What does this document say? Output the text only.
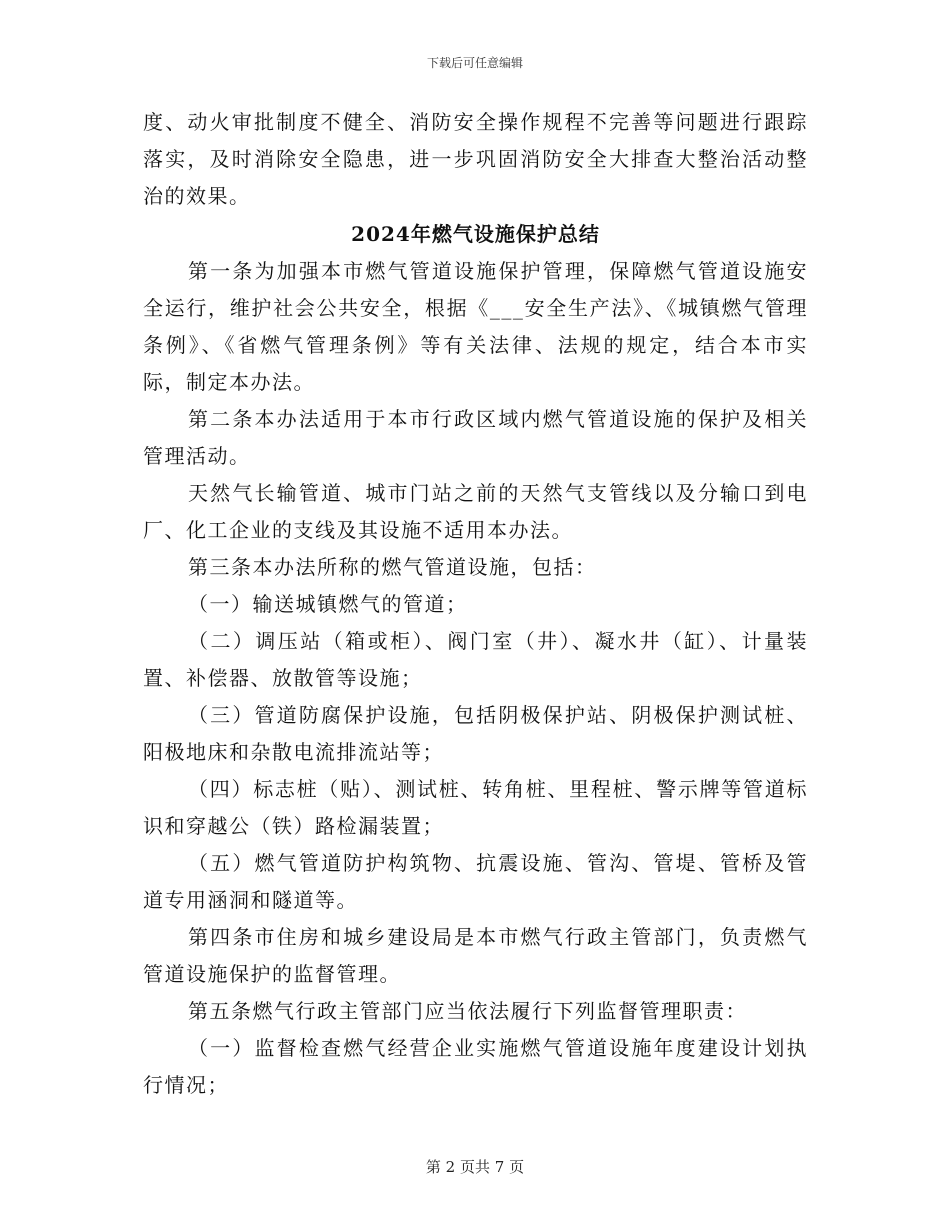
下载后可任意编辑

度、动火审批制度不健全、消防安全操作规程不完善等问题进行跟踪落实，及时消除安全隐患，进一步巩固消防安全大排查大整治活动整治的效果。

2024年燃气设施保护总结

第一条为加强本市燃气管道设施保护管理，保障燃气管道设施安全运行，维护社会公共安全，根据《___安全生产法》、《城镇燃气管理条例》、《省燃气管理条例》等有关法律、法规的规定，结合本市实际，制定本办法。

第二条本办法适用于本市行政区域内燃气管道设施的保护及相关管理活动。

天然气长输管道、城市门站之前的天然气支管线以及分输口到电厂、化工企业的支线及其设施不适用本办法。

第三条本办法所称的燃气管道设施，包括：

（一）输送城镇燃气的管道；

（二）调压站（箱或柜）、阀门室（井）、凝水井（缸）、计量装置、补偿器、放散管等设施；

（三）管道防腐保护设施，包括阴极保护站、阴极保护测试桩、阳极地床和杂散电流排流站等；

（四）标志桩（贴）、测试桩、转角桩、里程桩、警示牌等管道标识和穿越公（铁）路检漏装置；

（五）燃气管道防护构筑物、抗震设施、管沟、管堤、管桥及管道专用涵洞和隧道等。

第四条市住房和城乡建设局是本市燃气行政主管部门，负责燃气管道设施保护的监督管理。

第五条燃气行政主管部门应当依法履行下列监督管理职责：

（一）监督检查燃气经营企业实施燃气管道设施年度建设计划执行情况；

第 2 页共 7 页
